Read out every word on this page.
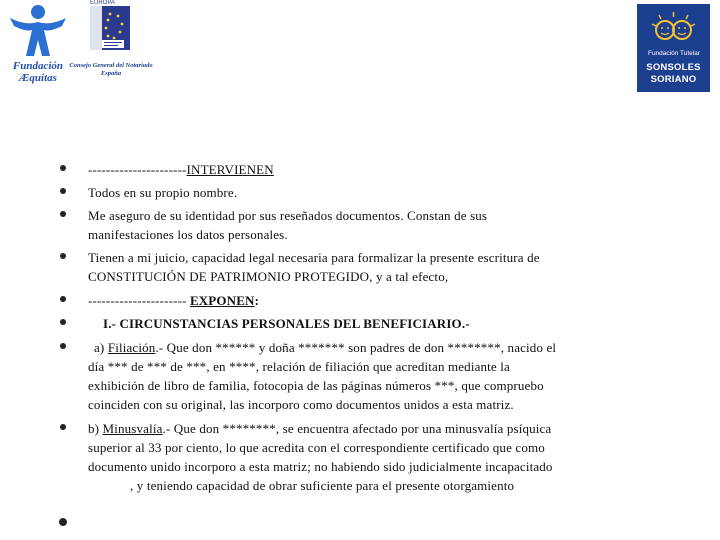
Fundación
Æquitas
EUROPA
Consejo General del Notariado
España
Fundación Tutelar
SONSOLES
SORIANO
----------------------INTERVIENEN
Todos en su propio nombre.
Me aseguro de su identidad por sus reseñados documentos. Constan de sus
manifestaciones los datos personales.
Tienen a mi juicio, capacidad legal necesaria para formalizar la presente escritura de
CONSTITUCIÓN DE PATRIMONIO PROTEGIDO, y a tal efecto,
---------------------- EXPONEN:
I.- CIRCUNSTANCIAS PERSONALES DEL BENEFICIARIO.-
a) Filiación.- Que don ****** y doña ******* son padres de don ********, nacido el
día *** de *** de ***, en ****, relación de filiación que acreditan mediante la
exhibición de libro de familia, fotocopia de las páginas números ***, que compruebo
coinciden con su original, las incorporo como documentos unidos a esta matriz.
b) Minusvalía.- Que don ********, se encuentra afectado por una minusvalía psíquica
superior al 33 por ciento, lo que acredita con el correspondiente certificado que como
documento unido incorporo a esta matriz; no habiendo sido judicialmente incapacitado
, y teniendo capacidad de obrar suficiente para el presente otorgamiento
